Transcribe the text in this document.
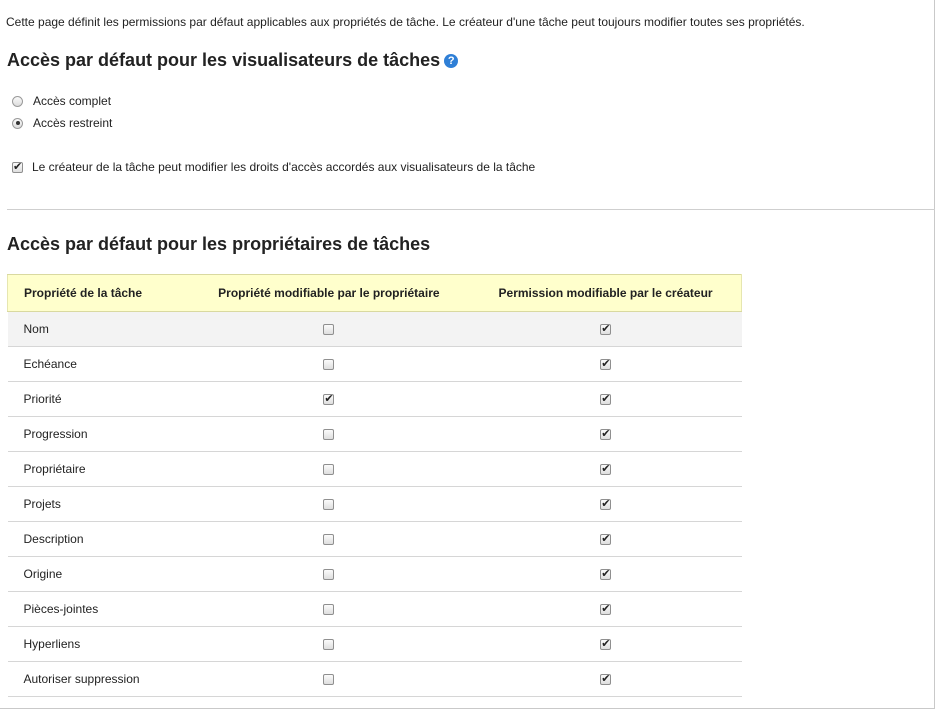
Cette page définit les permissions par défaut applicables aux propriétés de tâche. Le créateur d'une tâche peut toujours modifier toutes ses propriétés.
Accès par défaut pour les visualisateurs de tâches ?
Accès complet
Accès restreint
✔
Le créateur de la tâche peut modifier les droits d'accès accordés aux visualisateurs de la tâche
Accès par défaut pour les propriétaires de tâches
Propriété de la tâche	Propriété modifiable par le propriétaire	Permission modifiable par le créateur
Nom		✔
Echéance		✔
Priorité	✔	✔
Progression		✔
Propriétaire		✔
Projets		✔
Description		✔
Origine		✔
Pièces-jointes		✔
Hyperliens		✔
Autoriser suppression		✔
